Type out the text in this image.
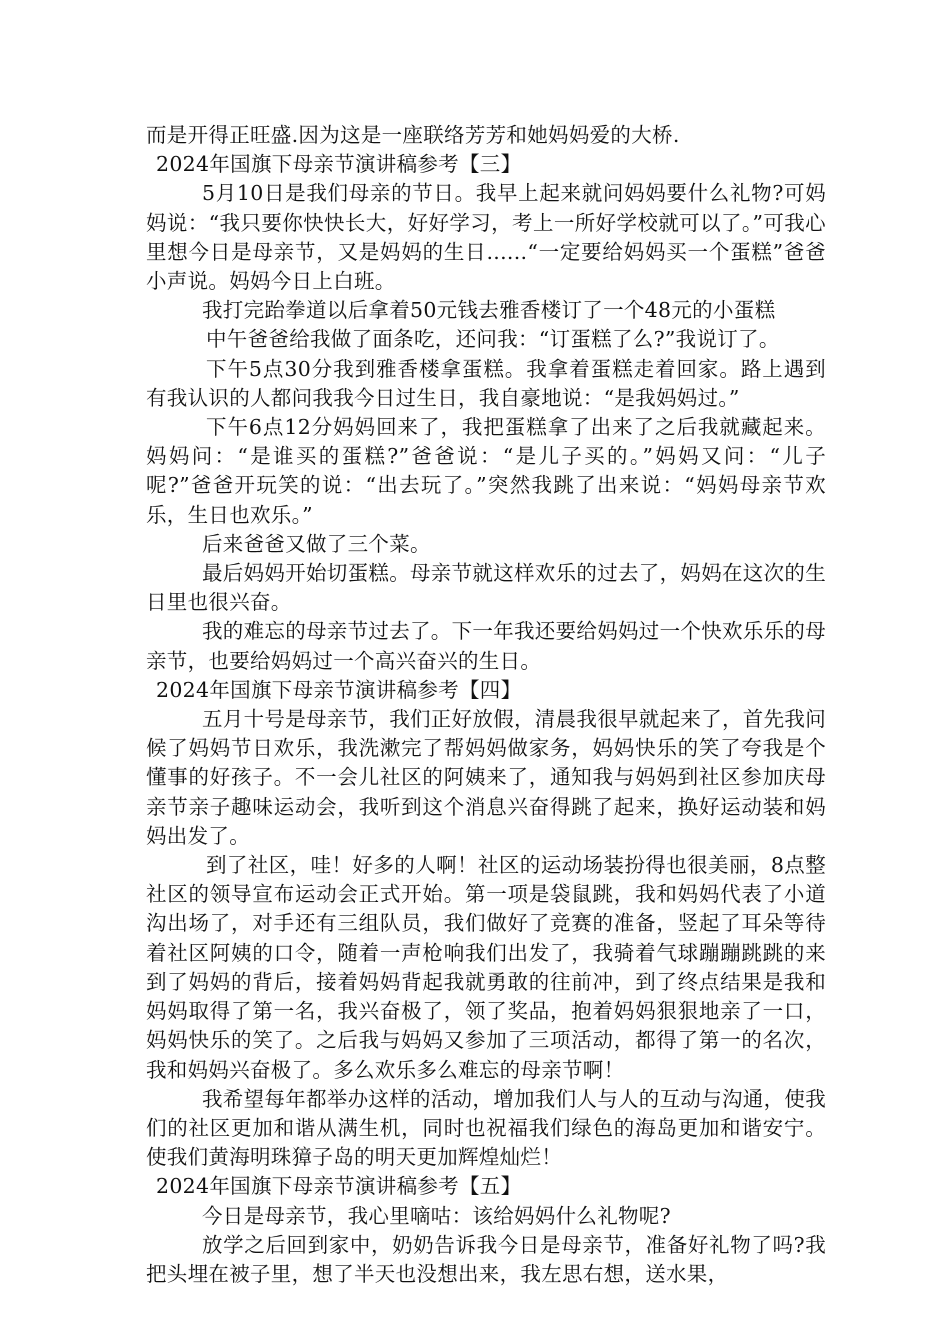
而是开得正旺盛.因为这是一座联络芳芳和她妈妈爱的大桥.

2024年国旗下母亲节演讲稿参考【三】

5月10日是我们母亲的节日。我早上起来就问妈妈要什么礼物?可妈妈说：“我只要你快快长大，好好学习，考上一所好学校就可以了。”可我心里想今日是母亲节，又是妈妈的生日......“一定要给妈妈买一个蛋糕”爸爸小声说。妈妈今日上白班。

我打完跆拳道以后拿着50元钱去雅香楼订了一个48元的小蛋糕

中午爸爸给我做了面条吃，还问我：“订蛋糕了么?”我说订了。

下午5点30分我到雅香楼拿蛋糕。我拿着蛋糕走着回家。路上遇到有我认识的人都问我我今日过生日，我自豪地说：“是我妈妈过。”

下午6点12分妈妈回来了，我把蛋糕拿了出来了之后我就藏起来。妈妈问：“是谁买的蛋糕?”爸爸说：“是儿子买的。”妈妈又问：“儿子呢?”爸爸开玩笑的说：“出去玩了。”突然我跳了出来说：“妈妈母亲节欢乐，生日也欢乐。”

后来爸爸又做了三个菜。

最后妈妈开始切蛋糕。母亲节就这样欢乐的过去了，妈妈在这次的生日里也很兴奋。

我的难忘的母亲节过去了。下一年我还要给妈妈过一个快欢乐乐的母亲节，也要给妈妈过一个高兴奋兴的生日。

2024年国旗下母亲节演讲稿参考【四】

五月十号是母亲节，我们正好放假，清晨我很早就起来了，首先我问候了妈妈节日欢乐，我洗漱完了帮妈妈做家务，妈妈快乐的笑了夸我是个懂事的好孩子。不一会儿社区的阿姨来了，通知我与妈妈到社区参加庆母亲节亲子趣味运动会，我听到这个消息兴奋得跳了起来，换好运动装和妈妈出发了。

到了社区，哇！好多的人啊！社区的运动场装扮得也很美丽，8点整社区的领导宣布运动会正式开始。第一项是袋鼠跳，我和妈妈代表了小道沟出场了，对手还有三组队员，我们做好了竞赛的准备，竖起了耳朵等待着社区阿姨的口令，随着一声枪响我们出发了，我骑着气球蹦蹦跳跳的来到了妈妈的背后，接着妈妈背起我就勇敢的往前冲，到了终点结果是我和妈妈取得了第一名，我兴奋极了，领了奖品，抱着妈妈狠狠地亲了一口，妈妈快乐的笑了。之后我与妈妈又参加了三项活动，都得了第一的名次，我和妈妈兴奋极了。多么欢乐多么难忘的母亲节啊！

我希望每年都举办这样的活动，增加我们人与人的互动与沟通，使我们的社区更加和谐从满生机，同时也祝福我们绿色的海岛更加和谐安宁。使我们黄海明珠獐子岛的明天更加辉煌灿烂！

2024年国旗下母亲节演讲稿参考【五】

今日是母亲节，我心里嘀咕：该给妈妈什么礼物呢?

放学之后回到家中，奶奶告诉我今日是母亲节，准备好礼物了吗?我把头埋在被子里，想了半天也没想出来，我左思右想，送水果，
